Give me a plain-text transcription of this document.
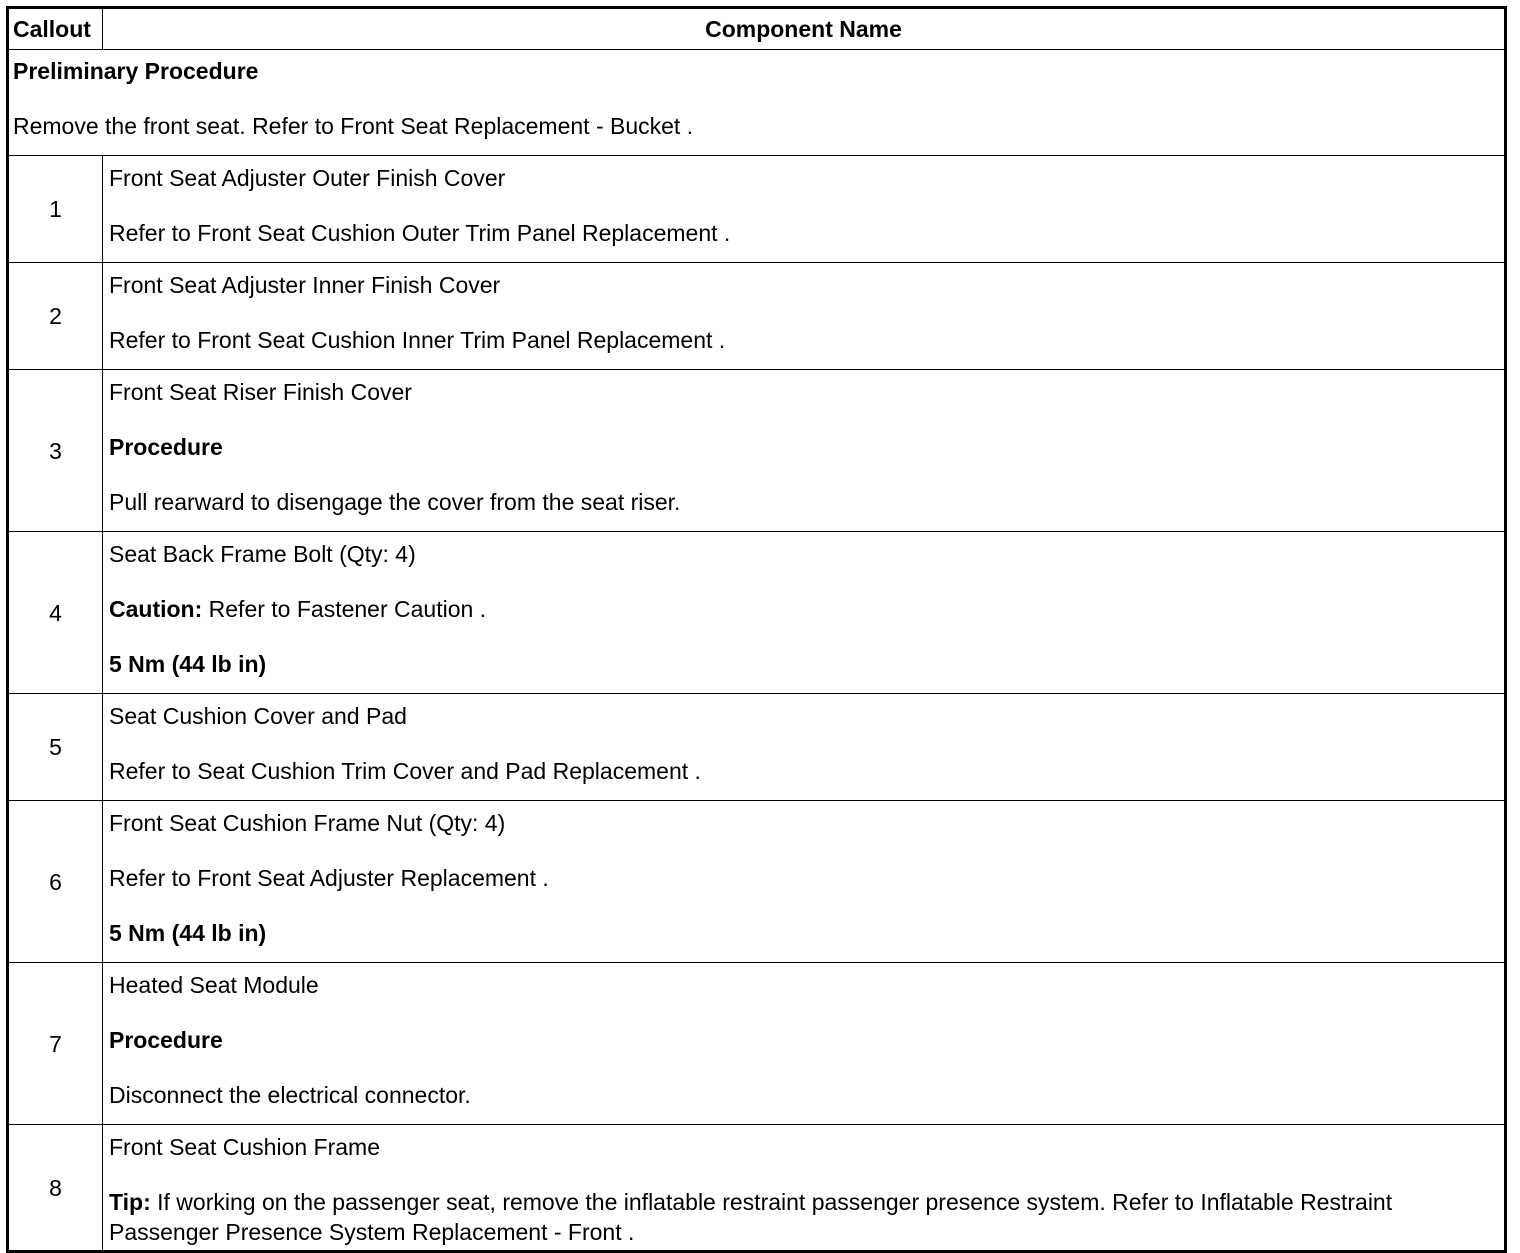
Callout	Component Name

Preliminary Procedure

Remove the front seat. Refer to Front Seat Replacement - Bucket .	

1	Front Seat Adjuster Outer Finish Cover

Refer to Front Seat Cushion Outer Trim Panel Replacement .

2	Front Seat Adjuster Inner Finish Cover

Refer to Front Seat Cushion Inner Trim Panel Replacement .

3	Front Seat Riser Finish Cover

Procedure

Pull rearward to disengage the cover from the seat riser.

4	Seat Back Frame Bolt (Qty: 4)

Caution: Refer to Fastener Caution .

5 Nm (44 lb in)

5	Seat Cushion Cover and Pad

Refer to Seat Cushion Trim Cover and Pad Replacement .

6	Front Seat Cushion Frame Nut (Qty: 4)

Refer to Front Seat Adjuster Replacement .

5 Nm (44 lb in)

7	Heated Seat Module

Procedure

Disconnect the electrical connector.

8	Front Seat Cushion Frame

Tip: If working on the passenger seat, remove the inflatable restraint passenger presence system. Refer to Inflatable Restraint Passenger Presence System Replacement - Front .
